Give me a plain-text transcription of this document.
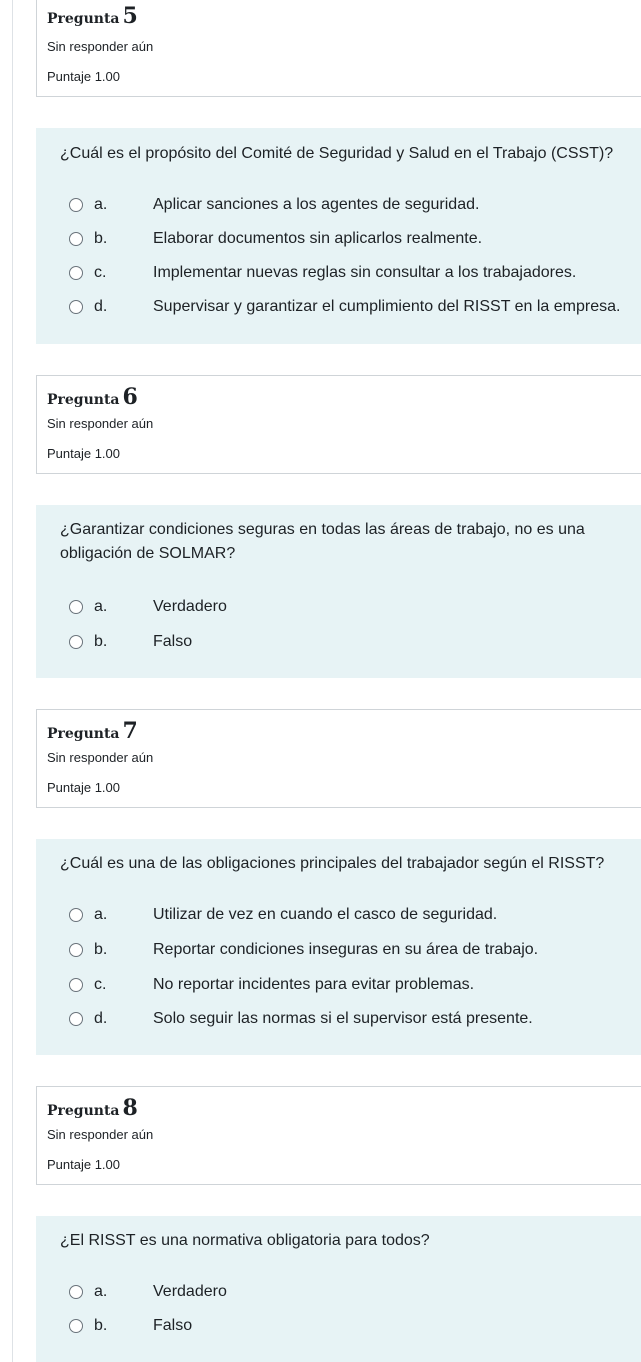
Pregunta 5
Sin responder aún
Puntaje 1.00
¿Cuál es el propósito del Comité de Seguridad y Salud en el Trabajo (CSST)?
a.	Aplicar sanciones a los agentes de seguridad.
b.	Elaborar documentos sin aplicarlos realmente.
c.	Implementar nuevas reglas sin consultar a los trabajadores.
d.	Supervisar y garantizar el cumplimiento del RISST en la empresa.
Pregunta 6
Sin responder aún
Puntaje 1.00
¿Garantizar condiciones seguras en todas las áreas de trabajo, no es una obligación de SOLMAR?
a.	Verdadero
b.	Falso
Pregunta 7
Sin responder aún
Puntaje 1.00
¿Cuál es una de las obligaciones principales del trabajador según el RISST?
a.	Utilizar de vez en cuando el casco de seguridad.
b.	Reportar condiciones inseguras en su área de trabajo.
c.	No reportar incidentes para evitar problemas.
d.	Solo seguir las normas si el supervisor está presente.
Pregunta 8
Sin responder aún
Puntaje 1.00
¿El RISST es una normativa obligatoria para todos?
a.	Verdadero
b.	Falso
